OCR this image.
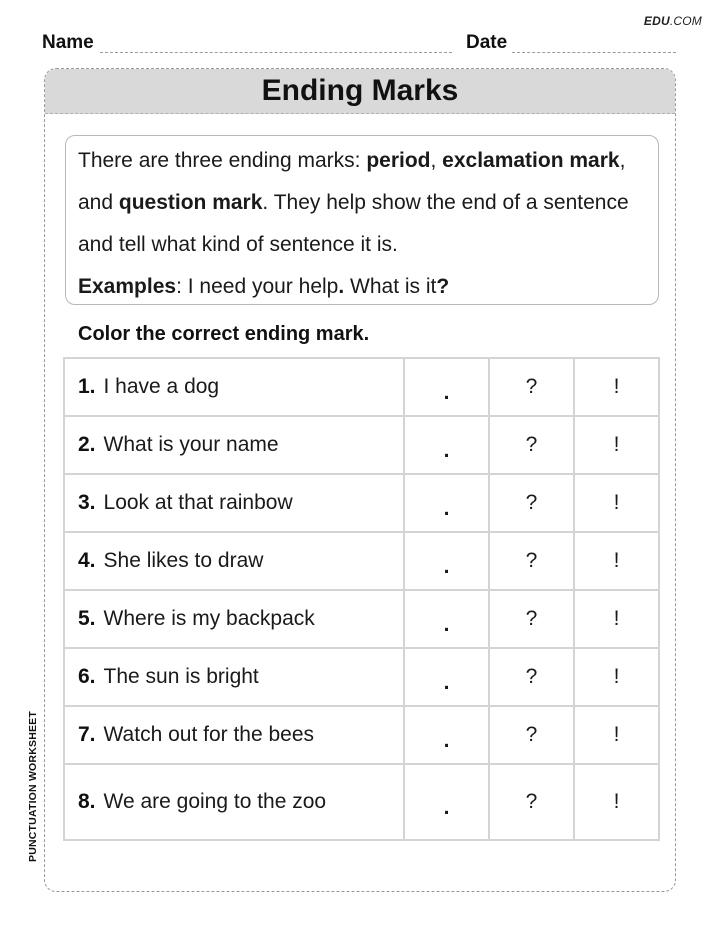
EDU.COM
Name	Date
PUNCTUATION WORKSHEET
Ending Marks
There are three ending marks: period, exclamation mark, and question mark. They help show the end of a sentence and tell what kind of sentence it is.
Examples: I need your help. What is it?
Color the correct ending mark.
1. I have a dog	.	?	!
2. What is your name	.	?	!
3. Look at that rainbow	.	?	!
4. She likes to draw	.	?	!
5. Where is my backpack	.	?	!
6. The sun is bright	.	?	!
7. Watch out for the bees	.	?	!
8. We are going to the zoo	.	?	!
